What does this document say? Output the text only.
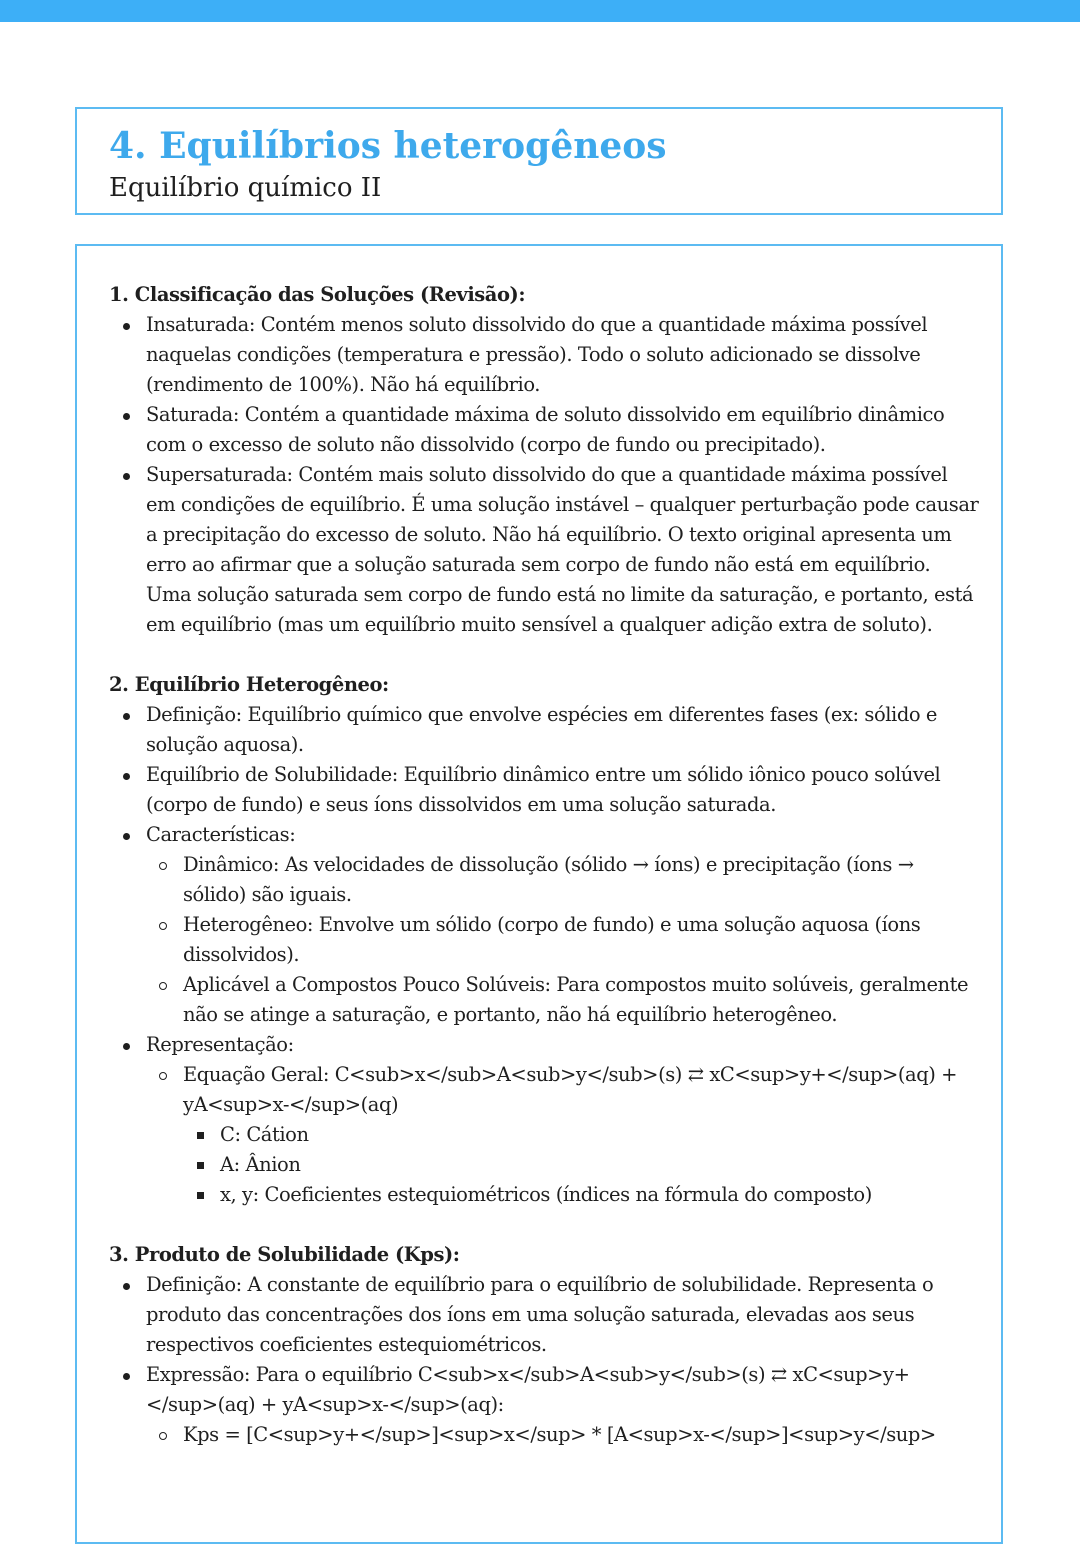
4. Equilíbrios heterogêneos
Equilíbrio químico II
1. Classificação das Soluções (Revisão):
Insaturada: Contém menos soluto dissolvido do que a quantidade máxima possível naquelas condições (temperatura e pressão). Todo o soluto adicionado se dissolve (rendimento de 100%). Não há equilíbrio.
Saturada: Contém a quantidade máxima de soluto dissolvido em equilíbrio dinâmico com o excesso de soluto não dissolvido (corpo de fundo ou precipitado).
Supersaturada: Contém mais soluto dissolvido do que a quantidade máxima possível em condições de equilíbrio. É uma solução instável – qualquer perturbação pode causar a precipitação do excesso de soluto. Não há equilíbrio. O texto original apresenta um erro ao afirmar que a solução saturada sem corpo de fundo não está em equilíbrio. Uma solução saturada sem corpo de fundo está no limite da saturação, e portanto, está em equilíbrio (mas um equilíbrio muito sensível a qualquer adição extra de soluto).
2. Equilíbrio Heterogêneo:
Definição: Equilíbrio químico que envolve espécies em diferentes fases (ex: sólido e solução aquosa).
Equilíbrio de Solubilidade: Equilíbrio dinâmico entre um sólido iônico pouco solúvel (corpo de fundo) e seus íons dissolvidos em uma solução saturada.
Características:
Dinâmico: As velocidades de dissolução (sólido → íons) e precipitação (íons → sólido) são iguais.
Heterogêneo: Envolve um sólido (corpo de fundo) e uma solução aquosa (íons dissolvidos).
Aplicável a Compostos Pouco Solúveis: Para compostos muito solúveis, geralmente não se atinge a saturação, e portanto, não há equilíbrio heterogêneo.
Representação:
Equação Geral: C<sub>x</sub>A<sub>y</sub>(s) ⇄ xC<sup>y+</sup>(aq) + yA<sup>x-</sup>(aq)
C: Cátion
A: Ânion
x, y: Coeficientes estequiométricos (índices na fórmula do composto)
3. Produto de Solubilidade (Kps):
Definição: A constante de equilíbrio para o equilíbrio de solubilidade. Representa o produto das concentrações dos íons em uma solução saturada, elevadas aos seus respectivos coeficientes estequiométricos.
Expressão: Para o equilíbrio C<sub>x</sub>A<sub>y</sub>(s) ⇄ xC<sup>y+</sup>(aq) + yA<sup>x-</sup>(aq):
Kps = [C<sup>y+</sup>]<sup>x</sup> * [A<sup>x-</sup>]<sup>y</sup>
